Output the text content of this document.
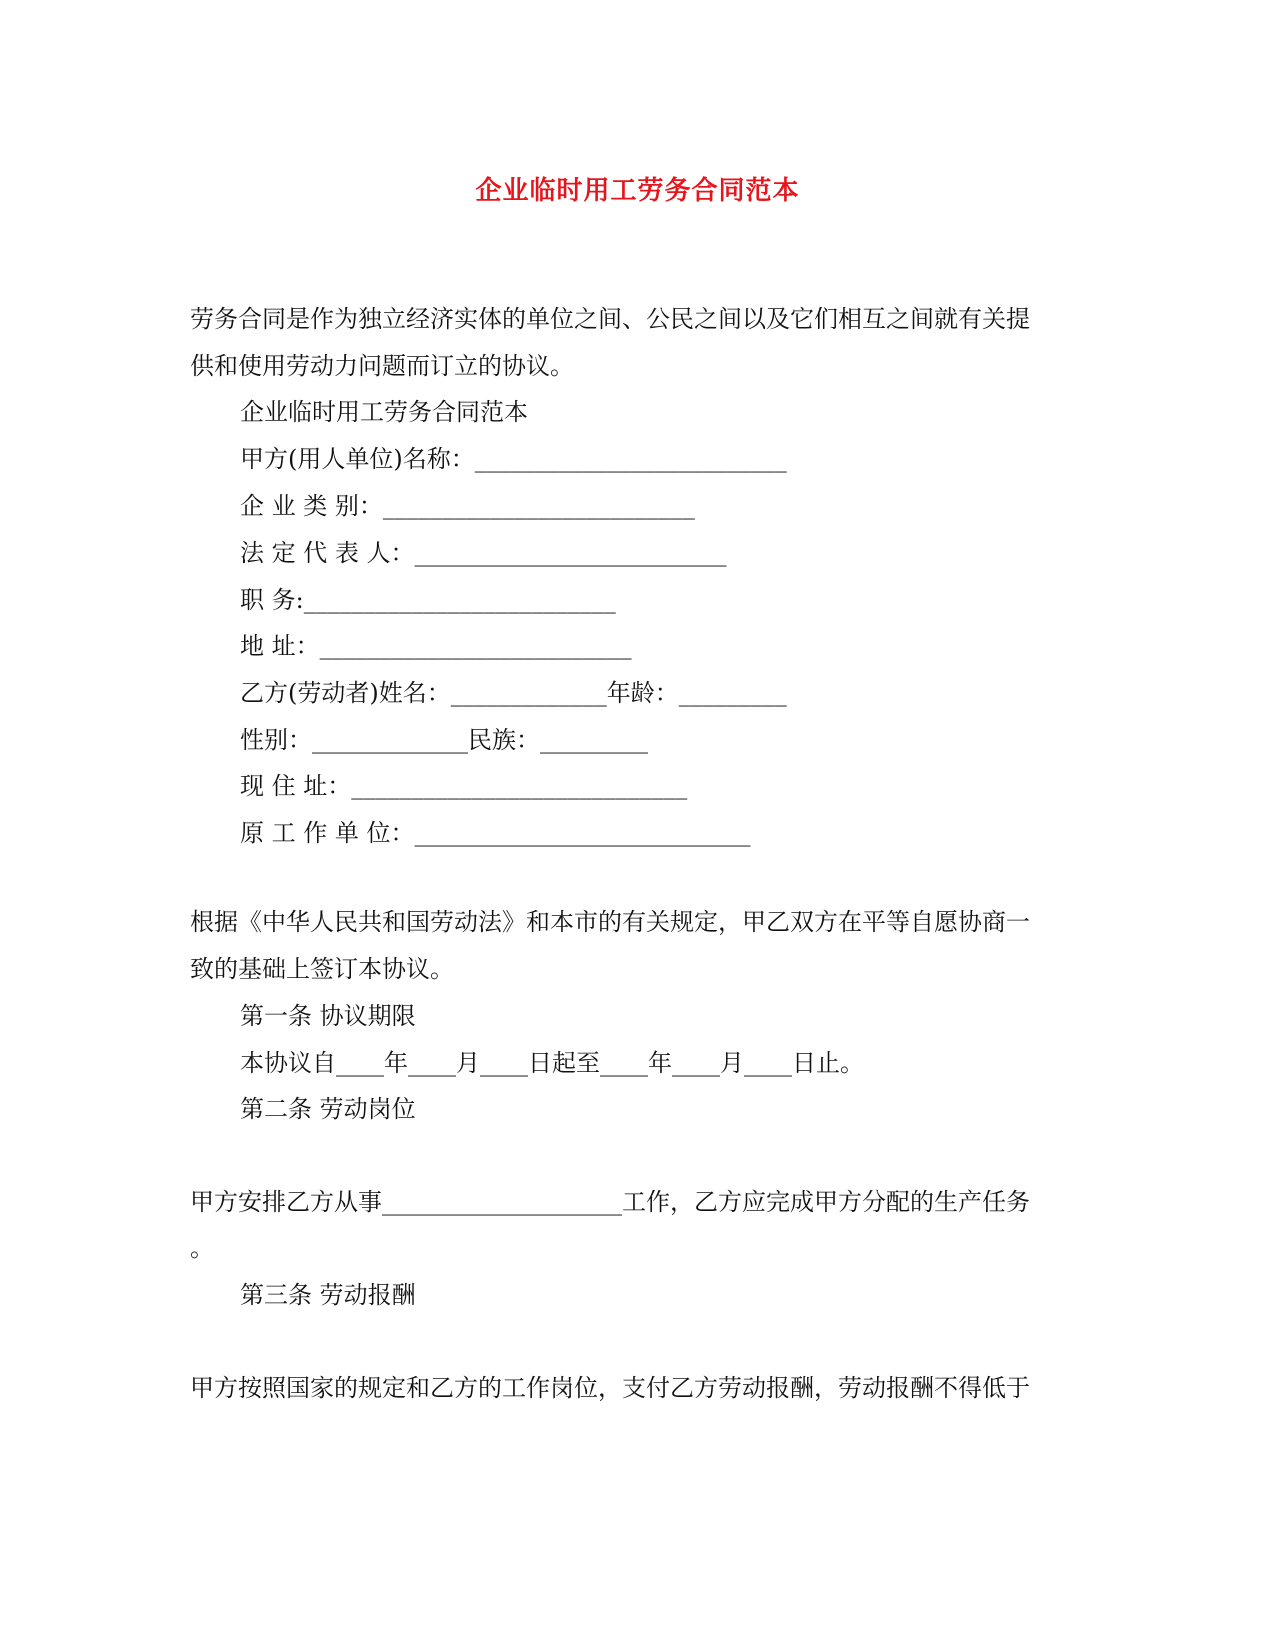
企业临时用工劳务合同范本
劳务合同是作为独立经济实体的单位之间、公民之间以及它们相互之间就有关提
供和使用劳动力问题而订立的协议。
企业临时用工劳务合同范本
甲方(用人单位)名称：__________________________
企 业 类 别：__________________________
法 定 代 表 人：__________________________
职 务:__________________________
地 址：__________________________
乙方(劳动者)姓名：_____________年龄：_________
性别：_____________民族：_________
现 住 址：____________________________
原 工 作 单 位：____________________________
根据《中华人民共和国劳动法》和本市的有关规定，甲乙双方在平等自愿协商一
致的基础上签订本协议。
第一条 协议期限
本协议自____年____月____日起至____年____月____日止。
第二条 劳动岗位
甲方安排乙方从事____________________工作，乙方应完成甲方分配的生产任务
。
第三条 劳动报酬
甲方按照国家的规定和乙方的工作岗位，支付乙方劳动报酬，劳动报酬不得低于
